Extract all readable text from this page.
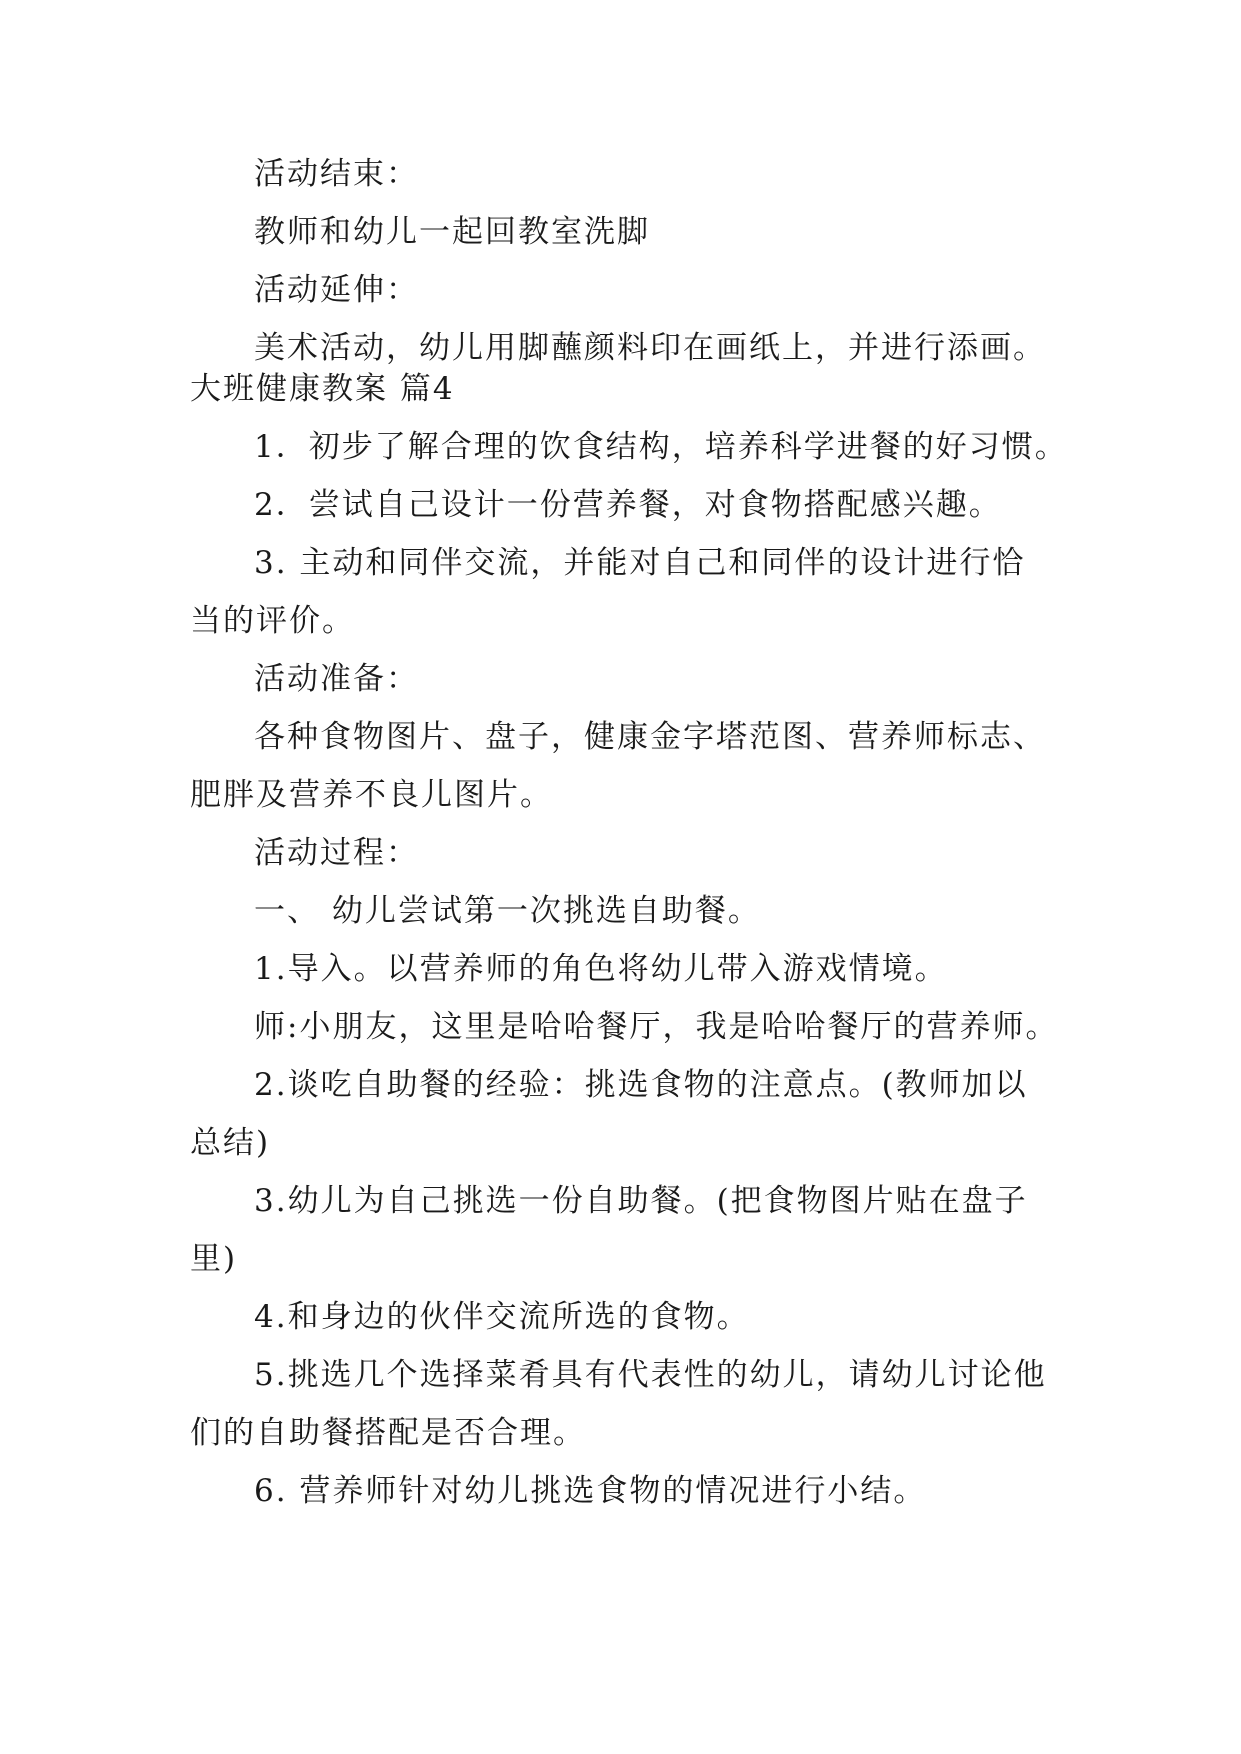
活动结束：
教师和幼儿一起回教室洗脚
活动延伸：
美术活动，幼儿用脚蘸颜料印在画纸上，并进行添画。
大班健康教案 篇4
1．初步了解合理的饮食结构，培养科学进餐的好习惯。
2．尝试自己设计一份营养餐，对食物搭配感兴趣。
3. 主动和同伴交流，并能对自己和同伴的设计进行恰
当的评价。
活动准备：
各种食物图片、盘子，健康金字塔范图、营养师标志、
肥胖及营养不良儿图片。
活动过程：
一、 幼儿尝试第一次挑选自助餐。
1.导入。以营养师的角色将幼儿带入游戏情境。
师:小朋友，这里是哈哈餐厅，我是哈哈餐厅的营养师。
2.谈吃自助餐的经验：挑选食物的注意点。(教师加以
总结)
3.幼儿为自己挑选一份自助餐。(把食物图片贴在盘子
里)
4.和身边的伙伴交流所选的食物。
5.挑选几个选择菜肴具有代表性的幼儿，请幼儿讨论他
们的自助餐搭配是否合理。
6. 营养师针对幼儿挑选食物的情况进行小结。
